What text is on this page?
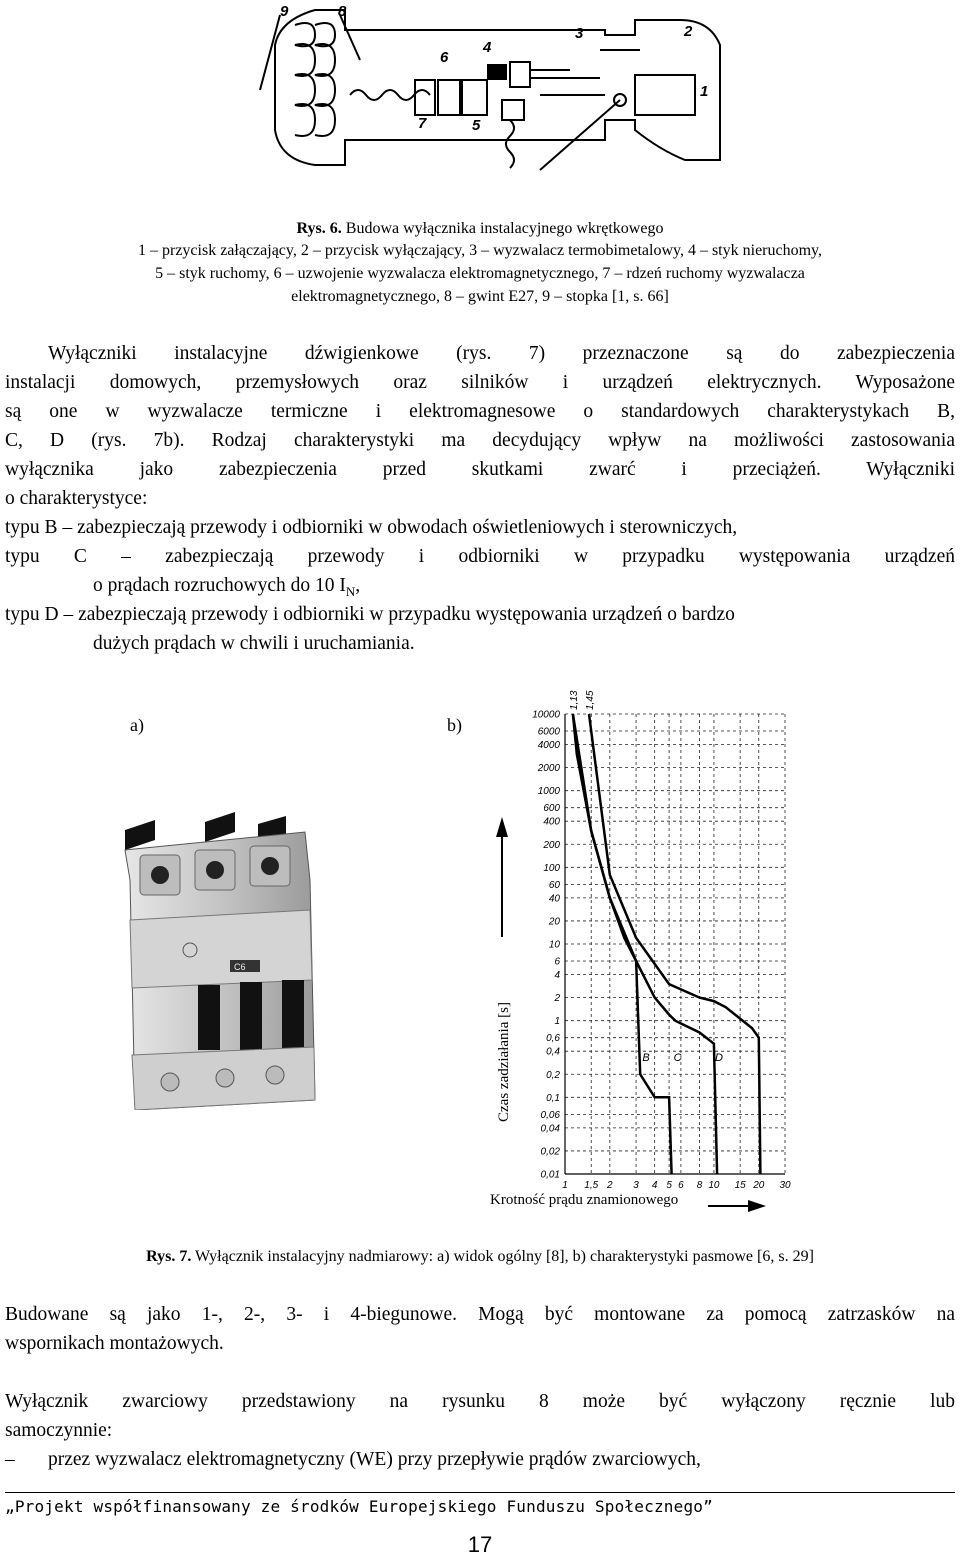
9	8
6
4
3	2
1
7	5
Rys. 6. Budowa wyłącznika instalacyjnego wkrętkowego
1 – przycisk załączający, 2 – przycisk wyłączający, 3 – wyzwalacz termobimetalowy, 4 – styk nieruchomy,
5 – styk ruchomy, 6 – uzwojenie wyzwalacza elektromagnetycznego, 7 – rdzeń ruchomy wyzwalacza
elektromagnetycznego, 8 – gwint E27, 9 – stopka [1, s. 66]
Wyłączniki instalacyjne dźwigienkowe (rys. 7) przeznaczone są do zabezpieczenia
instalacji domowych, przemysłowych oraz silników i urządzeń elektrycznych. Wyposażone
są one w wyzwalacze termiczne i elektromagnesowe o standardowych charakterystykach B,
C, D (rys. 7b). Rodzaj charakterystyki ma decydujący wpływ na możliwości zastosowania
wyłącznika jako zabezpieczenia przed skutkami zwarć i przeciążeń. Wyłączniki
o charakterystyce:
typu B – zabezpieczają przewody i odbiorniki w obwodach oświetleniowych i sterowniczych,
typu C – zabezpieczają przewody i odbiorniki w przypadku występowania urządzeń
o prądach rozruchowych do 10 $I_N$,
typu D – zabezpieczają przewody i odbiorniki w przypadku występowania urządzeń o bardzo
dużych prądach w chwili i uruchamiania.
a)	b)
C6
10000
6000
4000
2000
1000
600
400
200
100
60
40
20
10
6
4
2
1
0,6
0,4
0,2
0,1
0,06
0,04
0,02
0,01
1 1,5 2 3 4 5 6 8 10 15 20 30
1,13 1,45
B C	D
Czas zadziałania [s]
Krotność prądu znamionowego
Rys. 7. Wyłącznik instalacyjny nadmiarowy: a) widok ogólny [8], b) charakterystyki pasmowe [6, s. 29]
Budowane są jako 1-, 2-, 3- i 4-biegunowe. Mogą być montowane za pomocą zatrzasków na
wspornikach montażowych.
Wyłącznik zwarciowy przedstawiony na rysunku 8 może być wyłączony ręcznie lub
samoczynnie:
– przez wyzwalacz elektromagnetyczny (WE) przy przepływie prądów zwarciowych,
„Projekt współfinansowany ze środków Europejskiego Funduszu Społecznego”
17
